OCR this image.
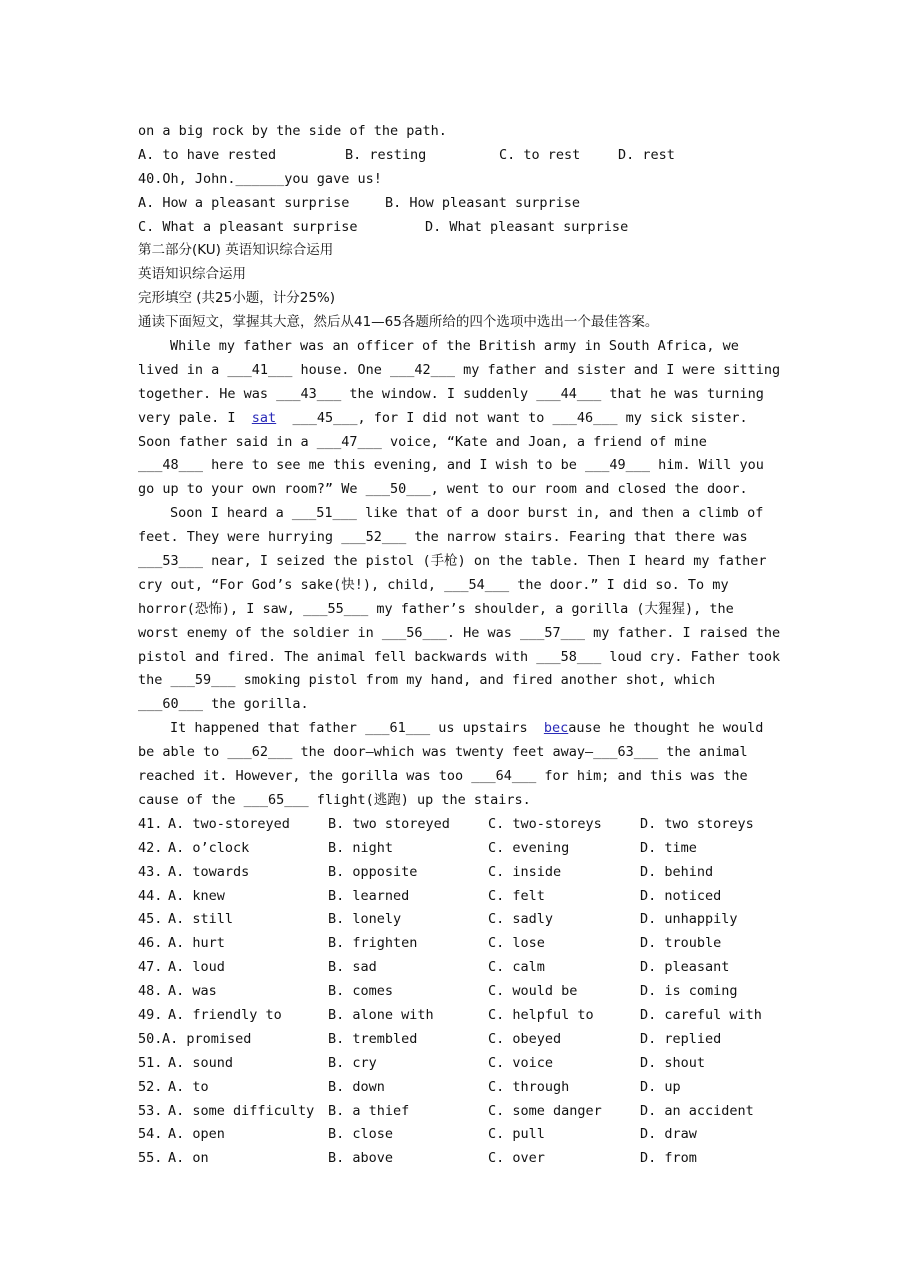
on a big rock by the side of the path.
A. to have rested	B. resting	C. to rest	D. rest
40.Oh, John.______you gave us!
A. How a pleasant surprise	B. How pleasant surprise
C. What a pleasant surprise	D. What pleasant surprise
第二部分(KU) 英语知识综合运用
英语知识综合运用
完形填空 (共25小题，计分25%)
通读下面短文，掌握其大意，然后从41—65各题所给的四个选项中选出一个最佳答案。
While my father was an officer of the British army in South Africa, we
lived in a ___41___ house. One ___42___ my father and sister and I were sitting
together. He was ___43___ the window. I suddenly ___44___ that he was turning
very pale. I  sat  ___45___, for I did not want to ___46___ my sick sister.
Soon father said in a ___47___ voice, “Kate and Joan, a friend of mine
___48___ here to see me this evening, and I wish to be ___49___ him. Will you
go up to your own room?” We ___50___, went to our room and closed the door.
Soon I heard a ___51___ like that of a door burst in, and then a climb of
feet. They were hurrying ___52___ the narrow stairs. Fearing that there was
___53___ near, I seized the pistol (手枪) on the table. Then I heard my father
cry out, “For God’s sake(快!), child, ___54___ the door.” I did so. To my
horror(恐怖), I saw, ___55___ my father’s shoulder, a gorilla (大猩猩), the
worst enemy of the soldier in ___56___. He was ___57___ my father. I raised the
pistol and fired. The animal fell backwards with ___58___ loud cry. Father took
the ___59___ smoking pistol from my hand, and fired another shot, which
___60___ the gorilla.
It happened that father ___61___ us upstairs  because he thought he would
be able to ___62___ the door—which was twenty feet away—___63___ the animal
reached it. However, the gorilla was too ___64___ for him; and this was the
cause of the ___65___ flight(逃跑) up the stairs.
41. A. two-storeyed	B. two storeyed	C. two-storeys	D. two storeys
42. A. o’clock	B. night	C. evening	D. time
43. A. towards	B. opposite	C. inside	D. behind
44. A. knew	B. learned	C. felt	D. noticed
45. A. still	B. lonely	C. sadly	D. unhappily
46. A. hurt	B. frighten	C. lose	D. trouble
47. A. loud	B. sad	C. calm	D. pleasant
48. A. was	B. comes	C. would be	D. is coming
49. A. friendly to	B. alone with	C. helpful to	D. careful with
50. A. promised	B. trembled	C. obeyed	D. replied
51. A. sound	B. cry	C. voice	D. shout
52. A. to	B. down	C. through	D. up
53. A. some difficulty	B. a thief	C. some danger	D. an accident
54. A. open	B. close	C. pull	D. draw
55. A. on	B. above	C. over	D. from
